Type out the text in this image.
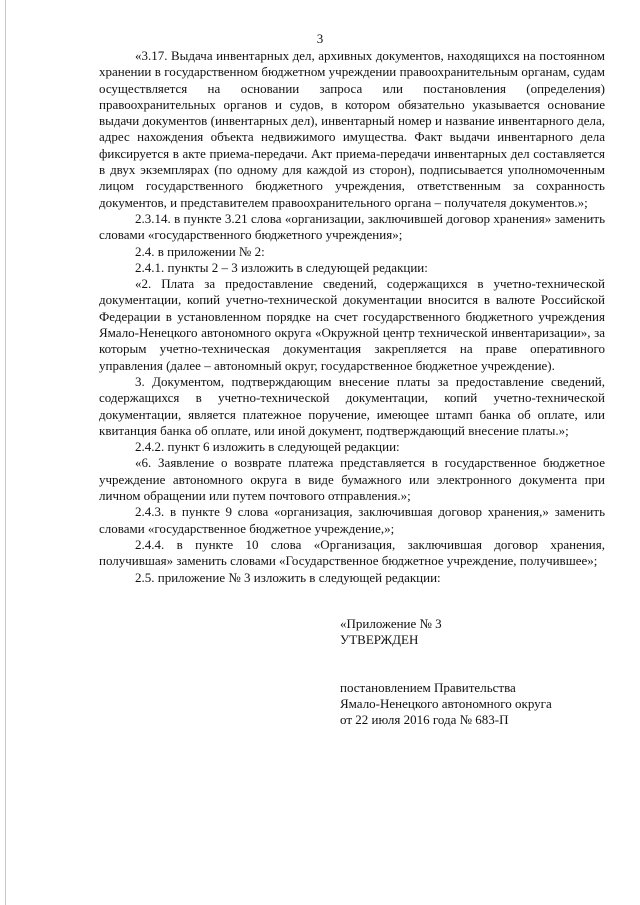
3

«3.17. Выдача инвентарных дел, архивных документов, находящихся на постоянном хранении в государственном бюджетном учреждении правоохранительным органам, судам осуществляется на основании запроса или постановления (определения) правоохранительных органов и судов, в котором обязательно указывается основание выдачи документов (инвентарных дел), инвентарный номер и название инвентарного дела, адрес нахождения объекта недвижимого имущества. Факт выдачи инвентарного дела фиксируется в акте приема-передачи. Акт приема-передачи инвентарных дел составляется в двух экземплярах (по одному для каждой из сторон), подписывается уполномоченным лицом государственного бюджетного учреждения, ответственным за сохранность документов, и представителем правоохранительного органа – получателя документов.»;

2.3.14. в пункте 3.21 слова «организации, заключившей договор хранения» заменить словами «государственного бюджетного учреждения»;

2.4. в приложении № 2:

2.4.1. пункты 2 – 3 изложить в следующей редакции:

«2. Плата за предоставление сведений, содержащихся в учетно-технической документации, копий учетно-технической документации вносится в валюте Российской Федерации в установленном порядке на счет государственного бюджетного учреждения Ямало-Ненецкого автономного округа «Окружной центр технической инвентаризации», за которым учетно-техническая документация закрепляется на праве оперативного управления (далее – автономный округ, государственное бюджетное учреждение).

3. Документом, подтверждающим внесение платы за предоставление сведений, содержащихся в учетно-технической документации, копий учетно-технической документации, является платежное поручение, имеющее штамп банка об оплате, или квитанция банка об оплате, или иной документ, подтверждающий внесение платы.»;

2.4.2. пункт 6 изложить в следующей редакции:

«6. Заявление о возврате платежа представляется в государственное бюджетное учреждение автономного округа в виде бумажного или электронного документа при личном обращении или путем почтового отправления.»;

2.4.3. в пункте 9 слова «организация, заключившая договор хранения,» заменить словами «государственное бюджетное учреждение,»;

2.4.4. в пункте 10 слова «Организация, заключившая договор хранения, получившая» заменить словами «Государственное бюджетное учреждение, получившее»;

2.5. приложение № 3 изложить в следующей редакции:

«Приложение № 3
УТВЕРЖДЕН
постановлением Правительства
Ямало-Ненецкого автономного округа
от 22 июля 2016 года № 683-П
